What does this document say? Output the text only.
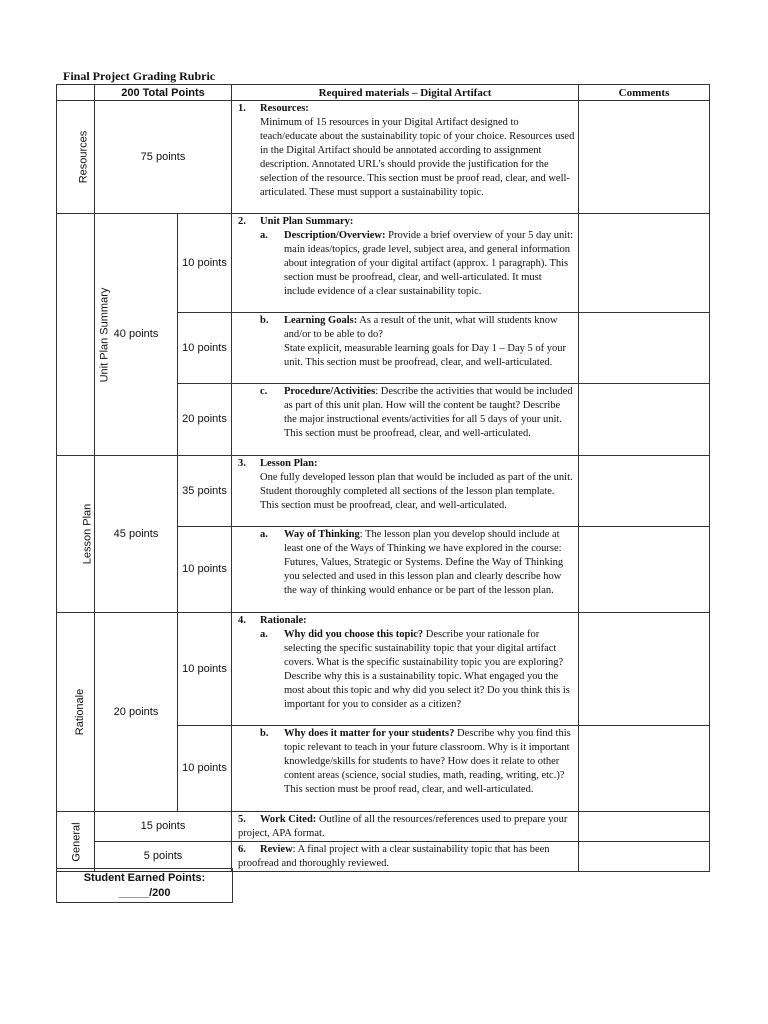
Final Project Grading Rubric
	200 Total Points		Required materials – Digital Artifact	Comments
Resources	75 points		1. Resources:
Minimum of 15 resources in your Digital Artifact designed to teach/educate about the sustainability topic of your choice. Resources used in the Digital Artifact should be annotated according to assignment description. Annotated URL’s should provide the justification for the selection of the resource. This section must be proof read, clear, and well-articulated. These must support a sustainability topic.	

Unit Plan Summary	40 points	10 points	2. Unit Plan Summary:
a. Description/Overview: Provide a brief overview of your 5 day unit: main ideas/topics, grade level, subject area, and general information about integration of your digital artifact (approx. 1 paragraph). This section must be proofread, clear, and well-articulated. It must include evidence of a clear sustainability topic.	

		10 points	b. Learning Goals: As a result of the unit, what will students know and/or to be able to do?
State explicit, measurable learning goals for Day 1 – Day 5 of your unit. This section must be proofread, clear, and well-articulated.	

		20 points	c. Procedure/Activities: Describe the activities that would be included as part of this unit plan. How will the content be taught? Describe the major instructional events/activities for all 5 days of your unit. This section must be proofread, clear, and well-articulated.	

Lesson Plan	45 points	35 points	3. Lesson Plan:
One fully developed lesson plan that would be included as part of the unit. Student thoroughly completed all sections of the lesson plan template. This section must be proofread, clear, and well-articulated.	

		10 points	a. Way of Thinking: The lesson plan you develop should include at least one of the Ways of Thinking we have explored in the course: Futures, Values, Strategic or Systems. Define the Way of Thinking you selected and used in this lesson plan and clearly describe how the way of thinking would enhance or be part of the lesson plan.	

Rationale	20 points	10 points	4. Rationale:
a. Why did you choose this topic? Describe your rationale for selecting the specific sustainability topic that your digital artifact covers. What is the specific sustainability topic you are exploring? Describe why this is a sustainability topic. What engaged you the most about this topic and why did you select it? Do you think this is important for you to consider as a citizen?	

		10 points	b. Why does it matter for your students? Describe why you find this topic relevant to teach in your future classroom. Why is it important knowledge/skills for students to have? How does it relate to other content areas (science, social studies, math, reading, writing, etc.)? This section must be proof read, clear, and well-articulated.	

General	15 points		5. Work Cited: Outline of all the resources/references used to prepare your project, APA format.	
	5 points		6. Review: A final project with a clear sustainability topic that has been proofread and thoroughly reviewed.	
Student Earned Points:
_____/200
